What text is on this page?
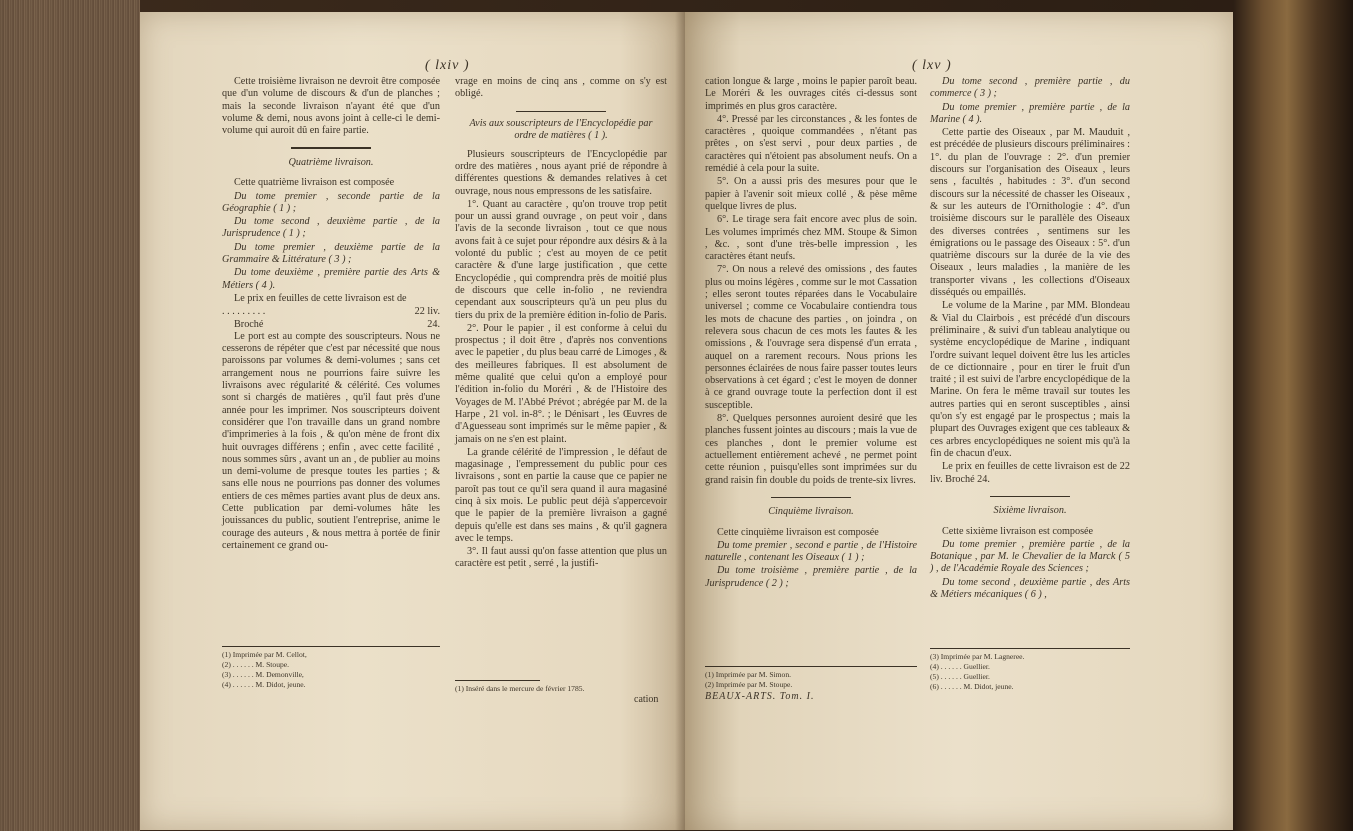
( lxiv )

Cette troisième livraison ne devroit être composée que d'un volume de discours & d'un de planches ; mais la seconde livraison n'ayant été que d'un volume & demi, nous avons joint à celle-ci le demi-volume qui auroit dû en faire partie.

Quatrième livraison.

Cette quatrième livraison est composée

Du tome premier , seconde partie de la Géographie ( 1 ) ;

Du tome second , deuxième partie , de la Jurisprudence ( 1 ) ;

Du tome premier , deuxième partie de la Grammaire & Littérature ( 3 ) ;

Du tome deuxième , première partie des Arts & Métiers ( 4 ).

Le prix en feuilles de cette livraison est de

. . . . . . . . .	22 liv.
Broché	24.

Le port est au compte des souscripteurs. Nous ne cesserons de répéter que c'est par nécessité que nous paroissons par volumes & demi-volumes ; sans cet arrangement nous ne pourrions faire suivre les livraisons avec régularité & célérité. Ces volumes sont si chargés de matières , qu'il faut près d'une année pour les imprimer. Nos souscripteurs doivent considérer que l'on travaille dans un grand nombre d'imprimeries à la fois , & qu'on mène de front dix huit ouvrages différens ; enfin , avec cette facilité , nous sommes sûrs , avant un an , de publier au moins un demi-volume de presque toutes les parties ; & sans elle nous ne pourrions pas donner des volumes entiers de ces mêmes parties avant plus de deux ans. Cette publication par demi-volumes hâte les jouissances du public, soutient l'entreprise, anime le courage des auteurs , & nous mettra à portée de finir certainement ce grand ou-

(1) Imprimée par M. Cellot,
(2) . . . . . . M. Stoupe.
(3) . . . . . . M. Demonville,
(4) . . . . . . M. Didot, jeune.

vrage en moins de cinq ans , comme on s'y est obligé.

Avis aux souscripteurs de l'Encyclopédie par ordre de matières ( 1 ).

Plusieurs souscripteurs de l'Encyclopédie par ordre des matières , nous ayant prié de répondre à différentes questions & demandes relatives à cet ouvrage, nous nous empressons de les satisfaire.

1°. Quant au caractère , qu'on trouve trop petit pour un aussi grand ouvrage , on peut voir , dans l'avis de la seconde livraison , tout ce que nous avons fait à ce sujet pour répondre aux désirs & à la volonté du public ; c'est au moyen de ce petit caractère & d'une large justification , que cette Encyclopédie , qui comprendra près de moitié plus de discours que celle in-folio , ne reviendra cependant aux souscripteurs qu'à un peu plus du tiers du prix de la première édition in-folio de Paris.

2°. Pour le papier , il est conforme à celui du prospectus ; il doit être , d'après nos conventions avec le papetier , du plus beau carré de Limoges , & des meilleures fabriques. Il est absolument de même qualité que celui qu'on a employé pour l'édition in-folio du Moréri , & de l'Histoire des Voyages de M. l'Abbé Prévot ; abrégée par M. de la Harpe , 21 vol. in-8°. ; le Dénisart , les Œuvres de d'Aguesseau sont imprimés sur le même papier , & jamais on ne s'en est plaint.

La grande célérité de l'impression , le défaut de magasinage , l'empressement du public pour ces livraisons , sont en partie la cause que ce papier ne paroît pas tout ce qu'il sera quand il aura magasiné cinq à six mois. Le public peut déjà s'appercevoir que le papier de la première livraison a gagné depuis qu'elle est dans ses mains , & qu'il gagnera avec le temps.

3°. Il faut aussi qu'on fasse attention que plus un caractère est petit , serré , la justifi-

(1) Inséré dans le mercure de février 1785.
cation
( lxv )

cation longue & large , moins le papier paroît beau. Le Moréri & les ouvrages cités ci-dessus sont imprimés en plus gros caractère.

4°. Pressé par les circonstances , & les fontes de caractères , quoique commandées , n'étant pas prêtes , on s'est servi , pour deux parties , de caractères qui n'étoient pas absolument neufs. On a remédié à cela pour la suite.

5°. On a aussi pris des mesures pour que le papier à l'avenir soit mieux collé , & pèse même quelque livres de plus.

6°. Le tirage sera fait encore avec plus de soin. Les volumes imprimés chez MM. Stoupe & Simon , &c. , sont d'une très-belle impression , les caractères étant neufs.

7°. On nous a relevé des omissions , des fautes plus ou moins légères , comme sur le mot Cassation ; elles seront toutes réparées dans le Vocabulaire universel ; comme ce Vocabulaire contiendra tous les mots de chacune des parties , on joindra , on relevera sous chacun de ces mots les fautes & les omissions , & l'ouvrage sera dispensé d'un errata , auquel on a rarement recours. Nous prions les personnes éclairées de nous faire passer toutes leurs observations à cet égard ; c'est le moyen de donner à ce grand ouvrage toute la perfection dont il est susceptible.

8°. Quelques personnes auroient desiré que les planches fussent jointes au discours ; mais la vue de ces planches , dont le premier volume est actuellement entièrement achevé , ne permet point cette réunion , puisqu'elles sont imprimées sur du grand raisin fin double du poids de trente-six livres.

Cinquième livraison.

Cette cinquième livraison est composée

Du tome premier , second e partie , de l'Histoire naturelle , contenant les Oiseaux ( 1 ) ;

Du tome troisième , première partie , de la Jurisprudence ( 2 ) ;

(1) Imprimée par M. Simon.
(2) Imprimée par M. Stoupe.
BEAUX-ARTS. Tom. I.

Du tome second , première partie , du commerce ( 3 ) ;

Du tome premier , première partie , de la Marine ( 4 ).

Cette partie des Oiseaux , par M. Mauduit , est précédée de plusieurs discours préliminaires : 1°. du plan de l'ouvrage : 2°. d'un premier discours sur l'organisation des Oiseaux , leurs sens , facultés , habitudes : 3°. d'un second discours sur la nécessité de chasser les Oiseaux , & sur les auteurs de l'Ornithologie : 4°. d'un troisième discours sur le parallèle des Oiseaux des diverses contrées , sentimens sur les émigrations ou le passage des Oiseaux : 5°. d'un quatrième discours sur la durée de la vie des Oiseaux , leurs maladies , la manière de les transporter vivans , les collections d'Oiseaux disséqués ou empaillés.

Le volume de la Marine , par MM. Blondeau & Vial du Clairbois , est précédé d'un discours préliminaire , & suivi d'un tableau analytique ou système encyclopédique de Marine , indiquant l'ordre suivant lequel doivent être lus les articles de ce dictionnaire , pour en tirer le fruit d'un traité ; il est suivi de l'arbre encyclopédique de la Marine. On fera le même travail sur toutes les autres parties qui en seront susceptibles , ainsi qu'on s'y est engagé par le prospectus ; mais la plupart des Ouvrages exigent que ces tableaux & ces arbres encyclopédiques ne soient mis qu'à la fin de chacun d'eux.

Le prix en feuilles de cette livraison est de 22 liv. Broché 24.

Sixième livraison.

Cette sixième livraison est composée

Du tome premier , première partie , de la Botanique , par M. le Chevalier de la Marck ( 5 ) , de l'Académie Royale des Sciences ;

Du tome second , deuxième partie , des Arts & Métiers mécaniques ( 6 ) ,

(3) Imprimée par M. Lagneree.
(4) . . . . . . Guellier.
(5) . . . . . . Guellier.
(6) . . . . . . M. Didot, jeune.
